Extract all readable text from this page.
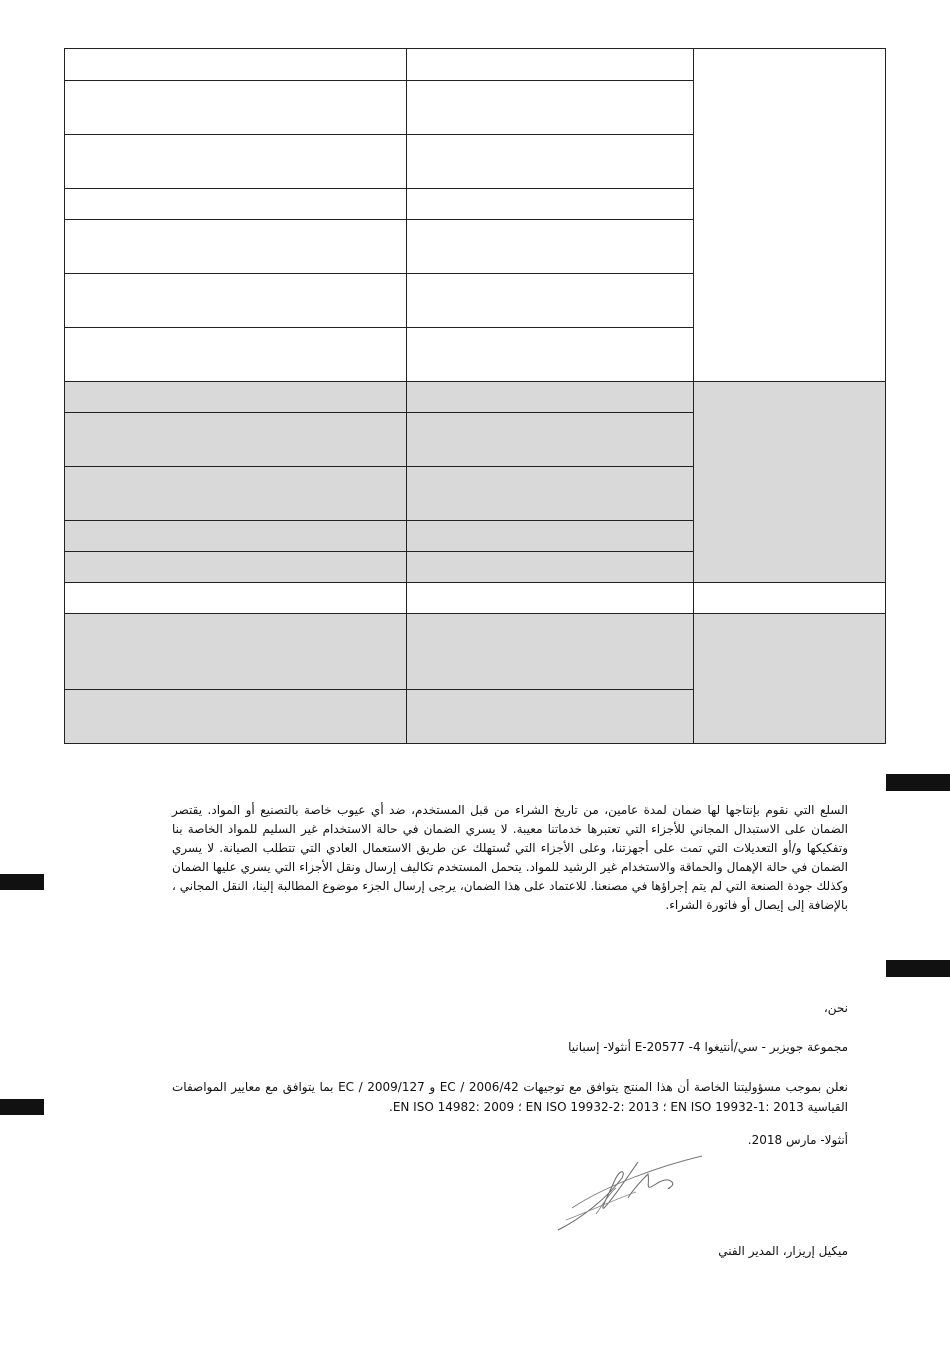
السلع التي نقوم بإنتاجها لها ضمان لمدة عامين، من تاريخ الشراء من قبل المستخدم، ضد أي عيوب خاصة بالتصنيع أو المواد. يقتصر الضمان على الاستبدال المجاني للأجزاء التي تعتبرها خدماتنا معيبة. لا يسري الضمان في حالة الاستخدام غير السليم للمواد الخاصة بنا وتفكيكها و/أو التعديلات التي تمت على أجهزتنا، وعلى الأجزاء التي تُستهلك عن طريق الاستعمال العادي التي تتطلب الصيانة. لا يسري الضمان في حالة الإهمال والحماقة والاستخدام غير الرشيد للمواد. يتحمل المستخدم تكاليف إرسال ونقل الأجزاء التي يسري عليها الضمان وكذلك جودة الصنعة التي لم يتم إجراؤها في مصنعنا. للاعتماد على هذا الضمان، يرجى إرسال الجزء موضوع المطالبة إلينا، النقل المجاني ، بالإضافة إلى إيصال أو فاتورة الشراء.
نحن،
مجموعة جويزبر - سي/أنتيغوا 4- E-20577 أنثولا- إسبانيا
نعلن بموجب مسؤوليتنا الخاصة أن هذا المنتج يتوافق مع توجيهات EC / 2006/42 و EC / 2009/127 بما يتوافق مع معايير المواصفات القياسية EN ISO 19932-1: 2013 ؛ EN ISO 19932-2: 2013 ؛ EN ISO 14982: 2009.
أنثولا- مارس 2018.
ميكيل إريزار، المدير الفني
